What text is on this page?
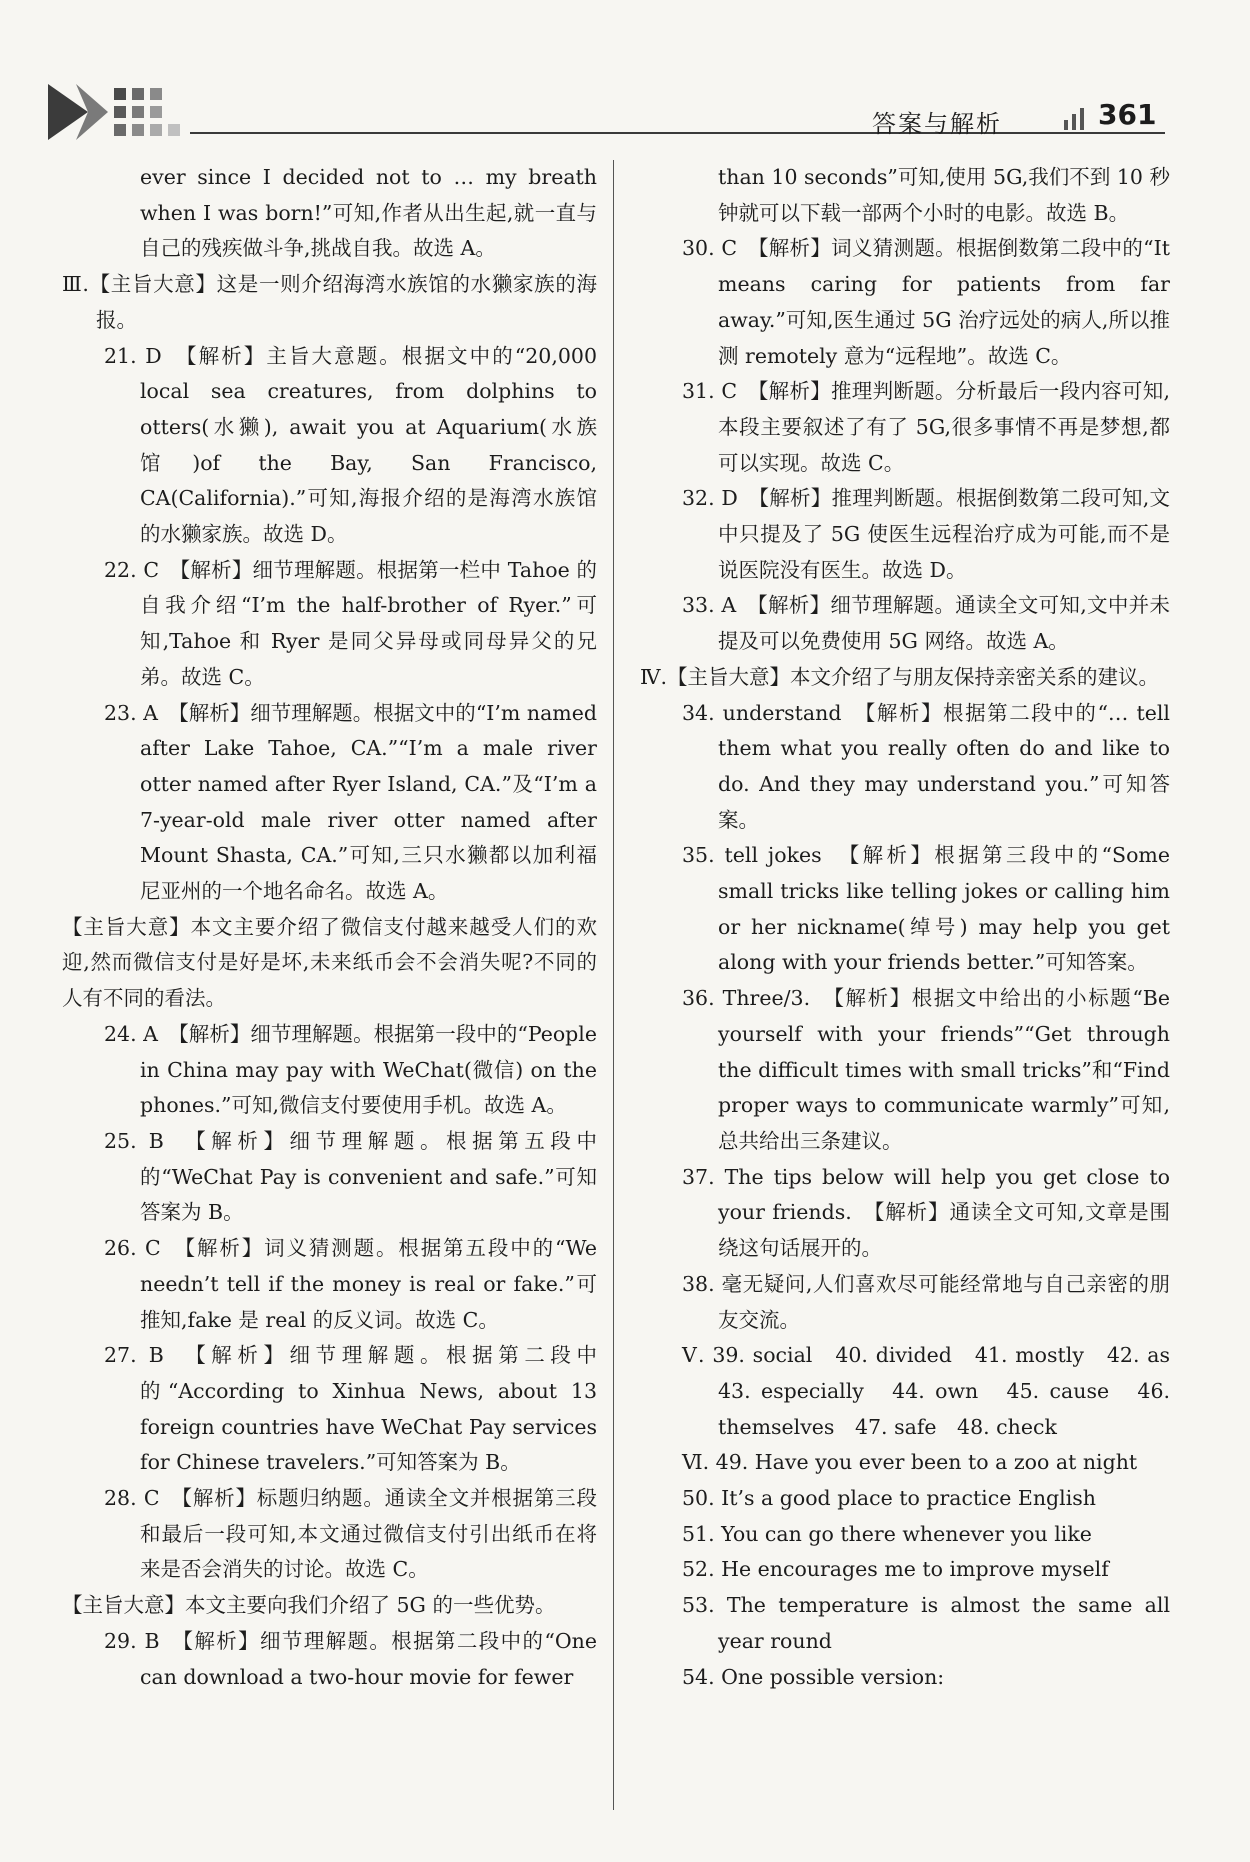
答案与解析	361

ever since I decided not to … my breath when I was born!”可知,作者从出生起,就一直与自己的残疾做斗争,挑战自我。故选 A。

Ⅲ.【主旨大意】这是一则介绍海湾水族馆的水獭家族的海报。

21. D　【解析】主旨大意题。根据文中的“20,000 local sea creatures, from dolphins to otters(水獭), await you at Aquarium(水族馆)of the Bay, San Francisco, CA(California).”可知,海报介绍的是海湾水族馆的水獭家族。故选 D。

22. C　【解析】细节理解题。根据第一栏中 Tahoe 的自我介绍“I’m the half-brother of Ryer.”可知,Tahoe 和 Ryer 是同父异母或同母异父的兄弟。故选 C。

23. A　【解析】细节理解题。根据文中的“I’m named after Lake Tahoe, CA.”“I’m a male river otter named after Ryer Island, CA.”及“I’m a 7-year-old male river otter named after Mount Shasta, CA.”可知,三只水獭都以加利福尼亚州的一个地名命名。故选 A。

【主旨大意】本文主要介绍了微信支付越来越受人们的欢迎,然而微信支付是好是坏,未来纸币会不会消失呢?不同的人有不同的看法。

24. A　【解析】细节理解题。根据第一段中的“People in China may pay with WeChat(微信) on the phones.”可知,微信支付要使用手机。故选 A。

25. B　【解析】细节理解题。根据第五段中的“WeChat Pay is convenient and safe.”可知答案为 B。

26. C　【解析】词义猜测题。根据第五段中的“We needn’t tell if the money is real or fake.”可推知,fake 是 real 的反义词。故选 C。

27. B　【解析】细节理解题。根据第二段中的“According to Xinhua News, about 13 foreign countries have WeChat Pay services for Chinese travelers.”可知答案为 B。

28. C　【解析】标题归纳题。通读全文并根据第三段和最后一段可知,本文通过微信支付引出纸币在将来是否会消失的讨论。故选 C。

【主旨大意】本文主要向我们介绍了 5G 的一些优势。

29. B　【解析】细节理解题。根据第二段中的“One can download a two-hour movie for fewer

than 10 seconds”可知,使用 5G,我们不到 10 秒钟就可以下载一部两个小时的电影。故选 B。

30. C　【解析】词义猜测题。根据倒数第二段中的“It means caring for patients from far away.”可知,医生通过 5G 治疗远处的病人,所以推测 remotely 意为“远程地”。故选 C。

31. C　【解析】推理判断题。分析最后一段内容可知,本段主要叙述了有了 5G,很多事情不再是梦想,都可以实现。故选 C。

32. D　【解析】推理判断题。根据倒数第二段可知,文中只提及了 5G 使医生远程治疗成为可能,而不是说医院没有医生。故选 D。

33. A　【解析】细节理解题。通读全文可知,文中并未提及可以免费使用 5G 网络。故选 A。

Ⅳ.【主旨大意】本文介绍了与朋友保持亲密关系的建议。

34. understand　【解析】根据第二段中的“… tell them what you really often do and like to do. And they may understand you.”可知答案。

35. tell jokes　【解析】根据第三段中的“Some small tricks like telling jokes or calling him or her nickname(绰号) may help you get along with your friends better.”可知答案。

36. Three/3.　【解析】根据文中给出的小标题“Be yourself with your friends”“Get through the difficult times with small tricks”和“Find proper ways to communicate warmly”可知,总共给出三条建议。

37. The tips below will help you get close to your friends.　【解析】通读全文可知,文章是围绕这句话展开的。

38. 毫无疑问,人们喜欢尽可能经常地与自己亲密的朋友交流。

Ⅴ. 39. social　40. divided　41. mostly　42. as　43. especially　44. own　45. cause　46. themselves　47. safe　48. check

Ⅵ. 49. Have you ever been to a zoo at night

50. It’s a good place to practice English

51. You can go there whenever you like

52. He encourages me to improve myself

53. The temperature is almost the same all year round

54. One possible version:
